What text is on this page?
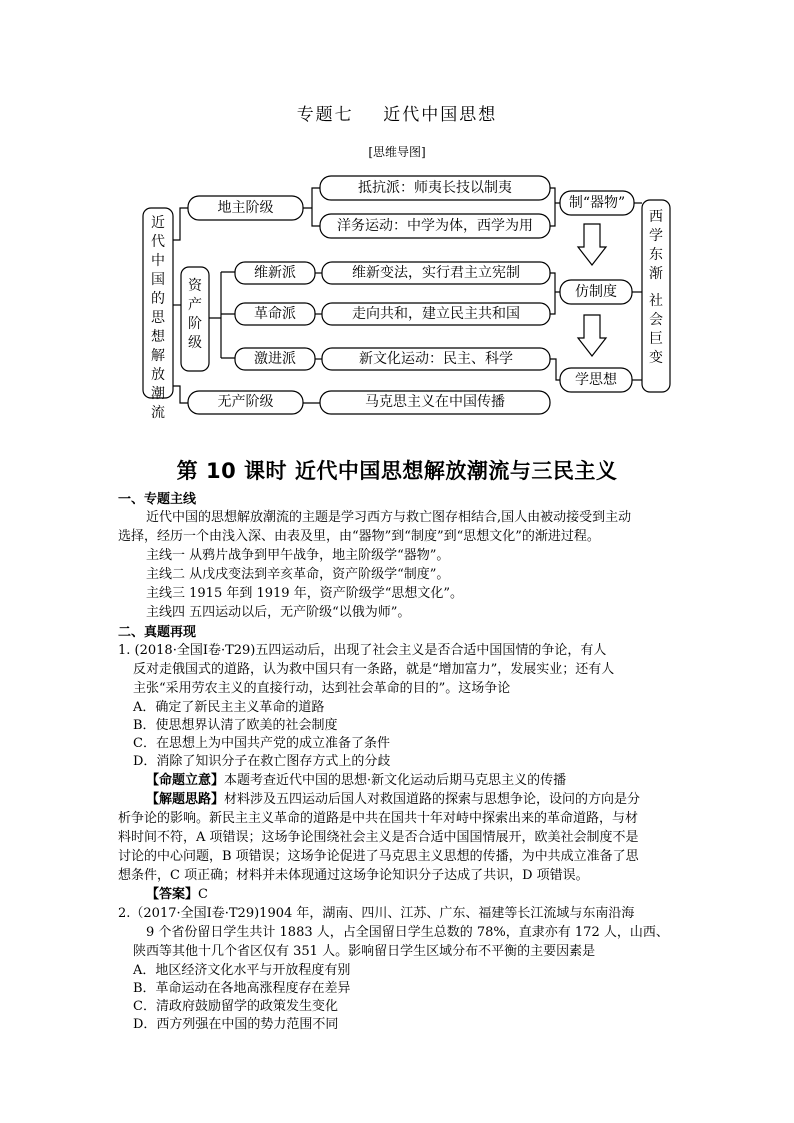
专题七    近代中国思想
[思维导图]
近
代
中
国
的
思
想
解
放
潮
流
地主阶级
抵抗派：师夷长技以制夷
洋务运动：中学为体，西学为用
资
产
阶
级
维新派
革命派
激进派
维新变法，实行君主立宪制
走向共和，建立民主共和国
新文化运动：民主、科学
无产阶级	马克思主义在中国传播
制“器物”
仿制度
学思想
西
学
东
渐

社
会
巨
变
第 10 课时 近代中国思想解放潮流与三民主义
一、专题主线
近代中国的思想解放潮流的主题是学习西方与救亡图存相结合,国人由被动接受到主动
选择，经历一个由浅入深、由表及里，由“器物”到“制度”到“思想文化”的渐进过程。
主线一 从鸦片战争到甲午战争，地主阶级学“器物”。
主线二 从戊戌变法到辛亥革命，资产阶级学“制度”。
主线三 1915 年到 1919 年，资产阶级学“思想文化”。
主线四 五四运动以后，无产阶级“以俄为师”。
二、真题再现
1. (2018·全国Ⅰ卷·T29)五四运动后，出现了社会主义是否合适中国国情的争论，有人
反对走俄国式的道路，认为救中国只有一条路，就是“增加富力”，发展实业；还有人
主张“采用劳农主义的直接行动，达到社会革命的目的”。这场争论
A．确定了新民主主义革命的道路
B．使思想界认清了欧美的社会制度
C．在思想上为中国共产党的成立准备了条件
D．消除了知识分子在救亡图存方式上的分歧
【命题立意】本题考查近代中国的思想·新文化运动后期马克思主义的传播
【解题思路】材料涉及五四运动后国人对救国道路的探索与思想争论，设问的方向是分
析争论的影响。新民主主义革命的道路是中共在国共十年对峙中探索出来的革命道路，与材
料时间不符，A 项错误；这场争论围绕社会主义是否合适中国国情展开，欧美社会制度不是
讨论的中心问题，B 项错误；这场争论促进了马克思主义思想的传播，为中共成立准备了思
想条件，C 项正确；材料并未体现通过这场争论知识分子达成了共识，D 项错误。
【答案】C
2.（2017·全国Ⅰ卷·T29)1904 年，湖南、四川、江苏、广东、福建等长江流域与东南沿海
9 个省份留日学生共计 1883 人，占全国留日学生总数的 78%，直隶亦有 172 人，山西、
陕西等其他十几个省区仅有 351 人。影响留日学生区域分布不平衡的主要因素是
A．地区经济文化水平与开放程度有别
B．革命运动在各地高涨程度存在差异
C．清政府鼓励留学的政策发生变化
D．西方列强在中国的势力范围不同
